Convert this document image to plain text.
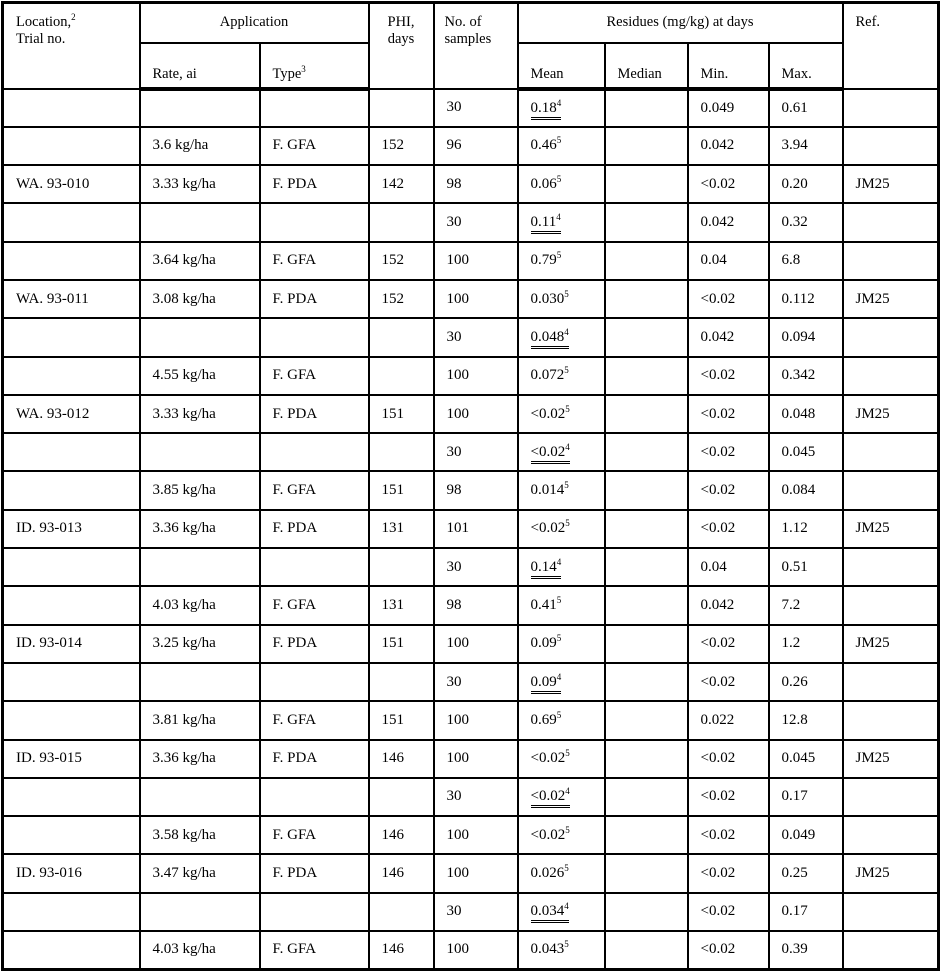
Location,$^2$
Trial no.	Application		PHI, days	No. of samples	Residues (mg/kg) at days				Ref.
	Rate, ai	Type$^3$			Mean	Median	Min.	Max.	
				30	0.18$^4$		0.049	0.61	
	3.6 kg/ha	F. GFA	152	96	0.46$^5$		0.042	3.94	
WA. 93-010	3.33 kg/ha	F. PDA	142	98	0.06$^5$		<0.02	0.20	JM25
				30	0.11$^4$		0.042	0.32	
	3.64 kg/ha	F. GFA	152	100	0.79$^5$		0.04	6.8	
WA. 93-011	3.08 kg/ha	F. PDA	152	100	0.030$^5$		<0.02	0.112	JM25
				30	0.048$^4$		0.042	0.094	
	4.55 kg/ha	F. GFA		100	0.072$^5$		<0.02	0.342	
WA. 93-012	3.33 kg/ha	F. PDA	151	100	$<0.02^5$		<0.02	0.048	JM25
				30	$<0.02^4$		<0.02	0.045	
	3.85 kg/ha	F. GFA	151	98	0.014$^5$		<0.02	0.084	
ID. 93-013	3.36 kg/ha	F. PDA	131	101	$<0.02^5$		<0.02	1.12	JM25
				30	0.14$^4$		0.04	0.51	
	4.03 kg/ha	F. GFA	131	98	0.41$^5$		0.042	7.2	
ID. 93-014	3.25 kg/ha	F. PDA	151	100	0.09$^5$		<0.02	1.2	JM25
				30	0.09$^4$		<0.02	0.26	
	3.81 kg/ha	F. GFA	151	100	0.69$^5$		0.022	12.8	
ID. 93-015	3.36 kg/ha	F. PDA	146	100	$<0.02^5$		<0.02	0.045	JM25
				30	$<0.02^4$		<0.02	0.17	
	3.58 kg/ha	F. GFA	146	100	$<0.02^5$		<0.02	0.049	
ID. 93-016	3.47 kg/ha	F. PDA	146	100	0.026$^5$		<0.02	0.25	JM25
				30	0.034$^4$		<0.02	0.17	
	4.03 kg/ha	F. GFA	146	100	0.043$^5$		<0.02	0.39	
